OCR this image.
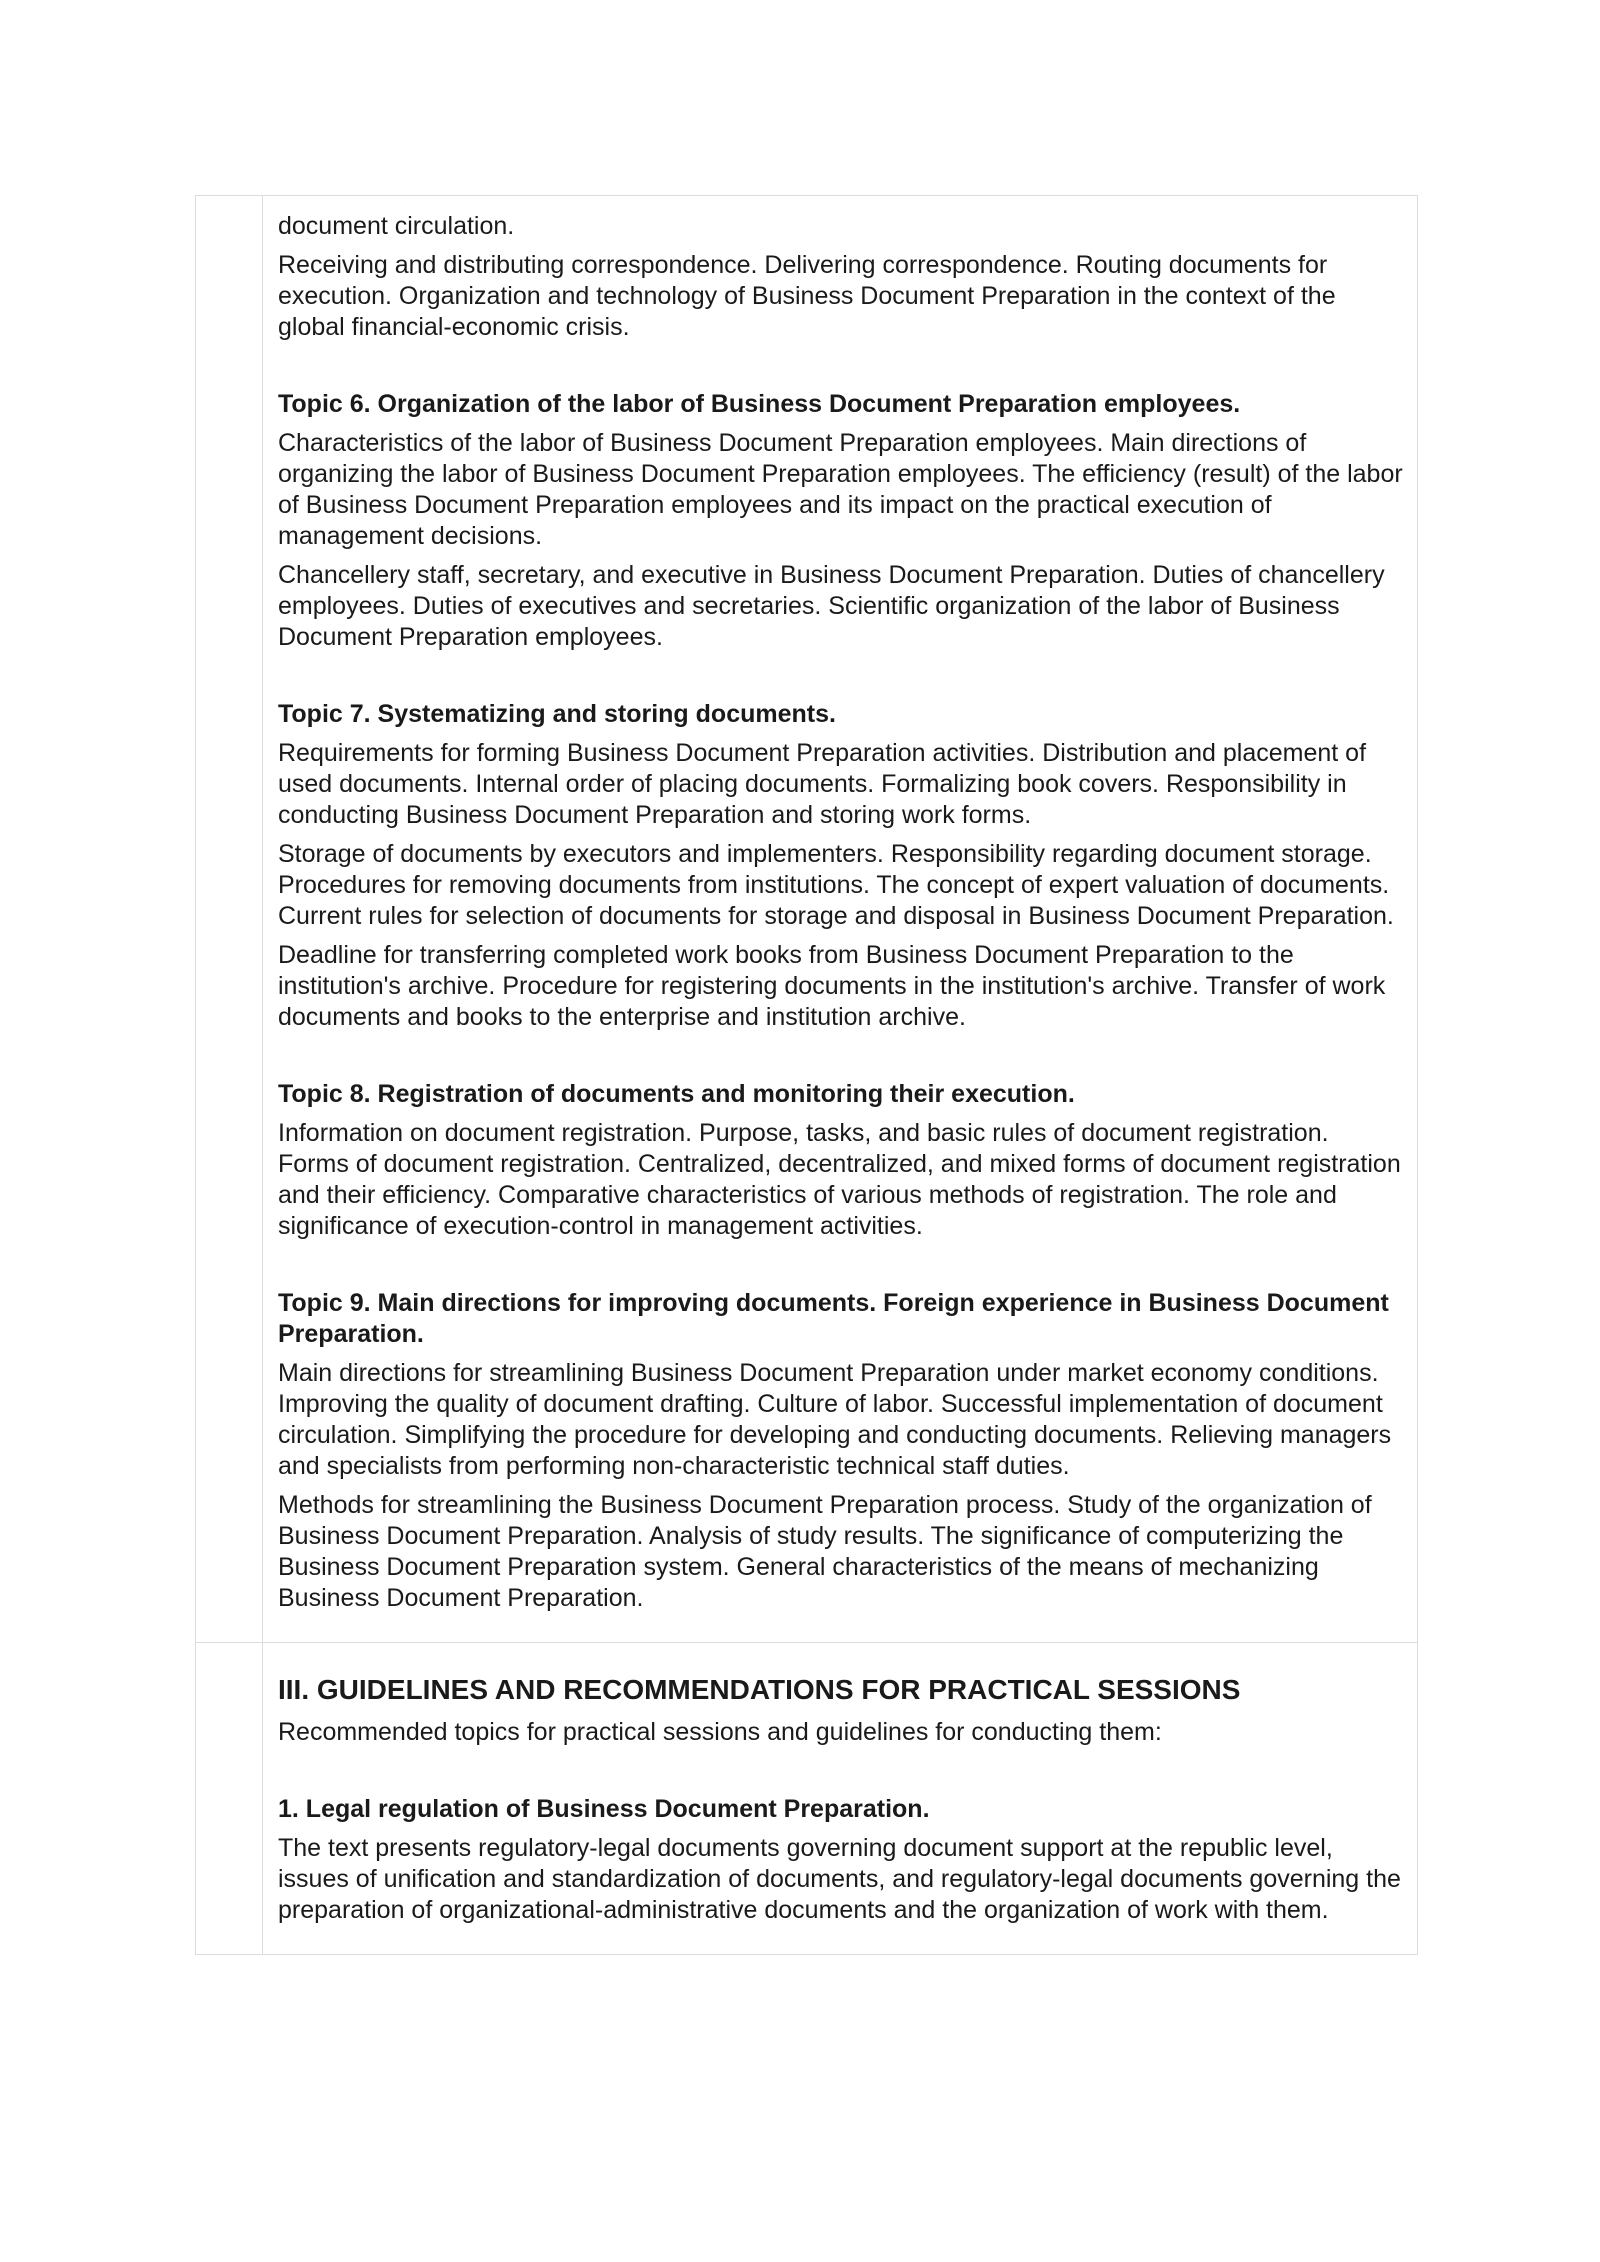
document circulation.

Receiving and distributing correspondence. Delivering correspondence. Routing documents for execution. Organization and technology of Business Document Preparation in the context of the global financial-economic crisis.

Topic 6. Organization of the labor of Business Document Preparation employees.

Characteristics of the labor of Business Document Preparation employees. Main directions of organizing the labor of Business Document Preparation employees. The efficiency (result) of the labor of Business Document Preparation employees and its impact on the practical execution of management decisions.

Chancellery staff, secretary, and executive in Business Document Preparation. Duties of chancellery employees. Duties of executives and secretaries. Scientific organization of the labor of Business Document Preparation employees.

Topic 7. Systematizing and storing documents.

Requirements for forming Business Document Preparation activities. Distribution and placement of used documents. Internal order of placing documents. Formalizing book covers. Responsibility in conducting Business Document Preparation and storing work forms.

Storage of documents by executors and implementers. Responsibility regarding document storage. Procedures for removing documents from institutions. The concept of expert valuation of documents. Current rules for selection of documents for storage and disposal in Business Document Preparation.

Deadline for transferring completed work books from Business Document Preparation to the institution's archive. Procedure for registering documents in the institution's archive. Transfer of work documents and books to the enterprise and institution archive.

Topic 8. Registration of documents and monitoring their execution.

Information on document registration. Purpose, tasks, and basic rules of document registration. Forms of document registration. Centralized, decentralized, and mixed forms of document registration and their efficiency. Comparative characteristics of various methods of registration. The role and significance of execution-control in management activities.

Topic 9. Main directions for improving documents. Foreign experience in Business Document Preparation.

Main directions for streamlining Business Document Preparation under market economy conditions. Improving the quality of document drafting. Culture of labor. Successful implementation of document circulation. Simplifying the procedure for developing and conducting documents. Relieving managers and specialists from performing non-characteristic technical staff duties.

Methods for streamlining the Business Document Preparation process. Study of the organization of Business Document Preparation. Analysis of study results. The significance of computerizing the Business Document Preparation system. General characteristics of the means of mechanizing Business Document Preparation.

III. GUIDELINES AND RECOMMENDATIONS FOR PRACTICAL SESSIONS

Recommended topics for practical sessions and guidelines for conducting them:

1. Legal regulation of Business Document Preparation.

The text presents regulatory-legal documents governing document support at the republic level, issues of unification and standardization of documents, and regulatory-legal documents governing the preparation of organizational-administrative documents and the organization of work with them.
